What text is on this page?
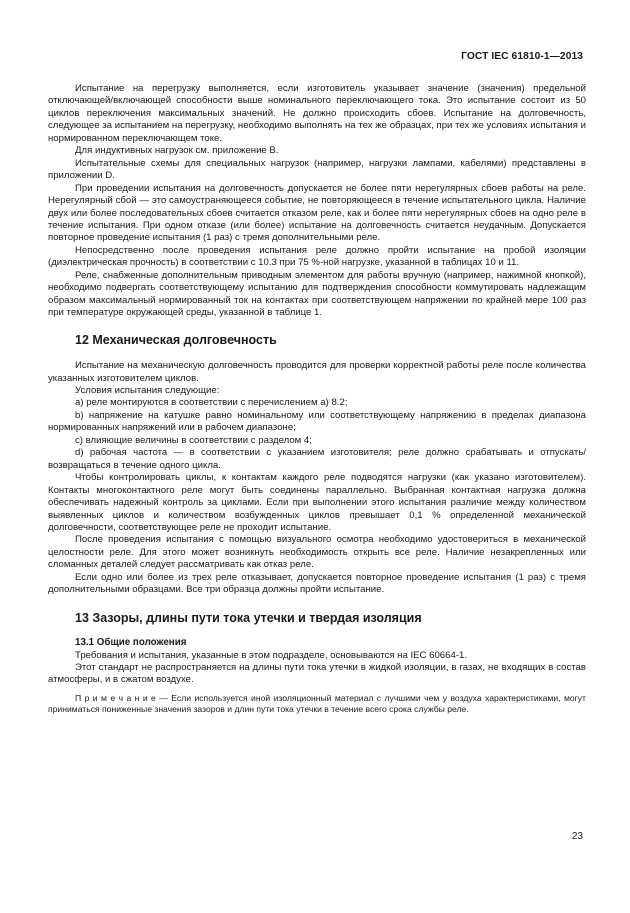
ГОСТ IEC 61810-1—2013

Испытание на перегрузку выполняется, если изготовитель указывает значение (значения) предельной отключающей/включающей способности выше номинального переключающего тока. Это испытание состоит из 50 циклов переключения максимальных значений. Не должно происходить сбоев. Испытание на долговечность, следующее за испытанием на перегрузку, необходимо выполнять на тех же образцах, при тех же условиях испытания и нормированном переключающем токе.

Для индуктивных нагрузок см. приложение В.

Испытательные схемы для специальных нагрузок (например, нагрузки лампами, кабелями) представлены в приложении D.

При проведении испытания на долговечность допускается не более пяти нерегулярных сбоев работы на реле. Нерегулярный сбой — это самоустраняющееся событие, не повторяющееся в течение испытательного цикла. Наличие двух или более последовательных сбоев считается отказом реле, как и более пяти нерегулярных сбоев на одно реле в течение испытания. При одном отказе (или более) испытание на долговечность считается неудачным. Допускается повторное проведение испытания (1 раз) с тремя дополнительными реле.

Непосредственно после проведения испытания реле должно пройти испытание на пробой изоляции (диэлектрическая прочность) в соответствии с 10.3 при 75 %-ной нагрузке, указанной в таблицах 10 и 11.

Реле, снабженные дополнительным приводным элементом для работы вручную (например, нажимной кнопкой), необходимо подвергать соответствующему испытанию для подтверждения способности коммутировать надлежащим образом максимальный нормированный ток на контактах при соответствующем напряжении по крайней мере 100 раз при температуре окружающей среды, указанной в таблице 1.

12 Механическая долговечность

Испытание на механическую долговечность проводится для проверки корректной работы реле после количества указанных изготовителем циклов.

Условия испытания следующие:

a) реле монтируются в соответствии с перечислением a) 8.2;

b) напряжение на катушке равно номинальному или соответствующему напряжению в пределах диапазона нормированных напряжений или в рабочем диапазоне;

c) влияющие величины в соответствии с разделом 4;

d) рабочая частота — в соответствии с указанием изготовителя; реле должно срабатывать и отпускать/возвращаться в течение одного цикла.

Чтобы контролировать циклы, к контактам каждого реле подводятся нагрузки (как указано изготовителем). Контакты многоконтактного реле могут быть соединены параллельно. Выбранная контактная нагрузка должна обеспечивать надежный контроль за циклами. Если при выполнении этого испытания различие между количеством выявленных циклов и количеством возбужденных циклов превышает 0,1 % определенной механической долговечности, соответствующее реле не проходит испытание.

После проведения испытания с помощью визуального осмотра необходимо удостовериться в механической целостности реле. Для этого может возникнуть необходимость открыть все реле. Наличие незакрепленных или сломанных деталей следует рассматривать как отказ реле.

Если одно или более из трех реле отказывает, допускается повторное проведение испытания (1 раз) с тремя дополнительными образцами. Все три образца должны пройти испытание.

13 Зазоры, длины пути тока утечки и твердая изоляция

13.1 Общие положения

Требования и испытания, указанные в этом подразделе, основываются на IEC 60664-1.

Этот стандарт не распространяется на длины пути тока утечки в жидкой изоляции, в газах, не входящих в состав атмосферы, и в сжатом воздухе.

П р и м е ч а н и е — Если используется иной изоляционный материал с лучшими чем у воздуха характеристиками, могут приниматься пониженные значения зазоров и длин пути тока утечки в течение всего срока службы реле.

23
